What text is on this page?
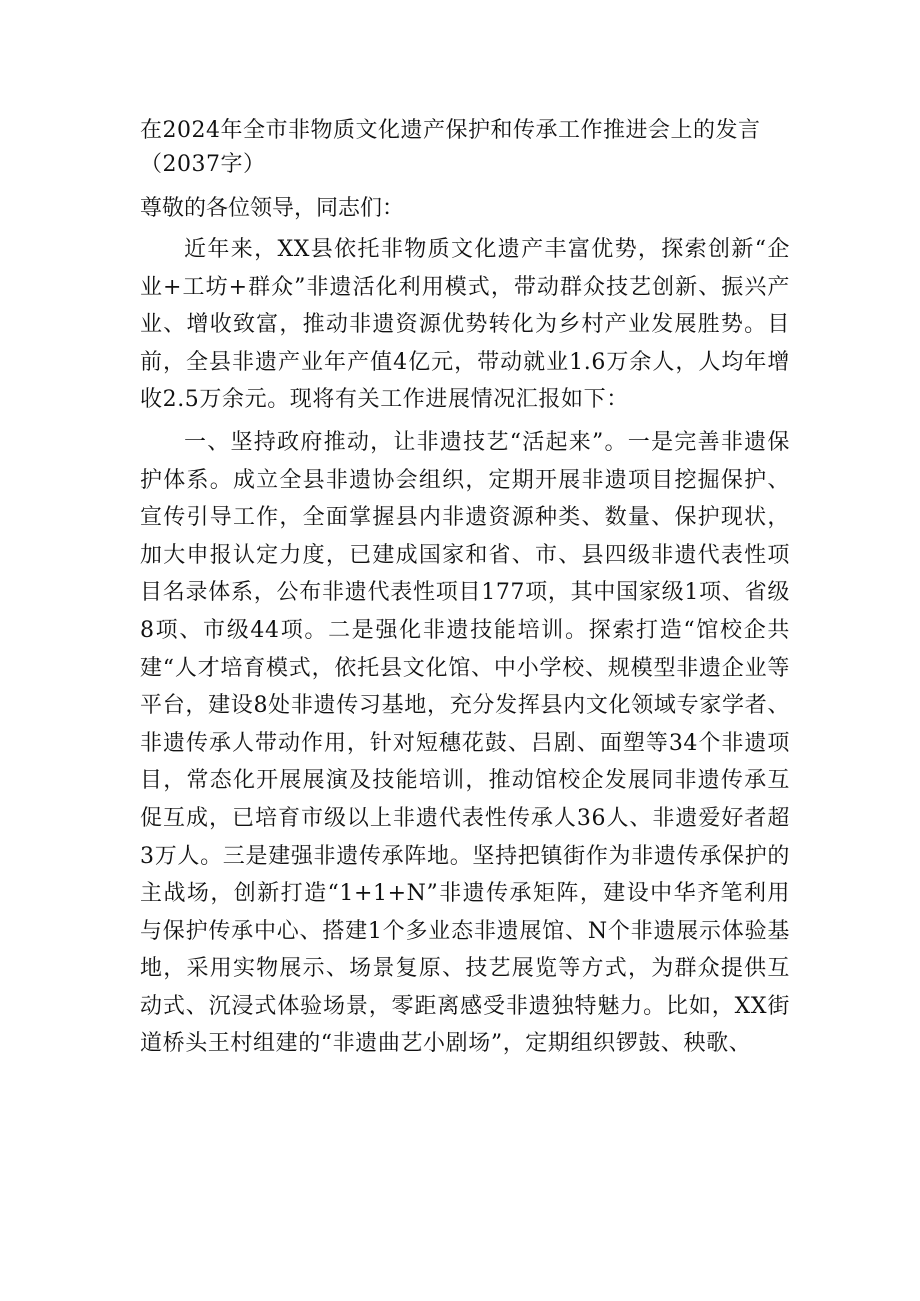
在2024年全市非物质文化遗产保护和传承工作推进会上的发言（2037字）

尊敬的各位领导，同志们：

近年来，XX县依托非物质文化遗产丰富优势，探索创新“企业+工坊+群众”非遗活化利用模式，带动群众技艺创新、振兴产业、增收致富，推动非遗资源优势转化为乡村产业发展胜势。目前，全县非遗产业年产值4亿元，带动就业1.6万余人，人均年增收2.5万余元。现将有关工作进展情况汇报如下：

一、坚持政府推动，让非遗技艺“活起来”。一是完善非遗保护体系。成立全县非遗协会组织，定期开展非遗项目挖掘保护、宣传引导工作，全面掌握县内非遗资源种类、数量、保护现状，加大申报认定力度，已建成国家和省、市、县四级非遗代表性项目名录体系，公布非遗代表性项目177项，其中国家级1项、省级8项、市级44项。二是强化非遗技能培训。探索打造“馆校企共建“人才培育模式，依托县文化馆、中小学校、规模型非遗企业等平台，建设8处非遗传习基地，充分发挥县内文化领域专家学者、非遗传承人带动作用，针对短穗花鼓、吕剧、面塑等34个非遗项目，常态化开展展演及技能培训，推动馆校企发展同非遗传承互促互成，已培育市级以上非遗代表性传承人36人、非遗爱好者超3万人。三是建强非遗传承阵地。坚持把镇街作为非遗传承保护的主战场，创新打造“1+1+N”非遗传承矩阵，建设中华齐笔利用与保护传承中心、搭建1个多业态非遗展馆、N个非遗展示体验基地，采用实物展示、场景复原、技艺展览等方式，为群众提供互动式、沉浸式体验场景，零距离感受非遗独特魅力。比如，XX街道桥头王村组建的“非遗曲艺小剧场”，定期组织锣鼓、秧歌、
